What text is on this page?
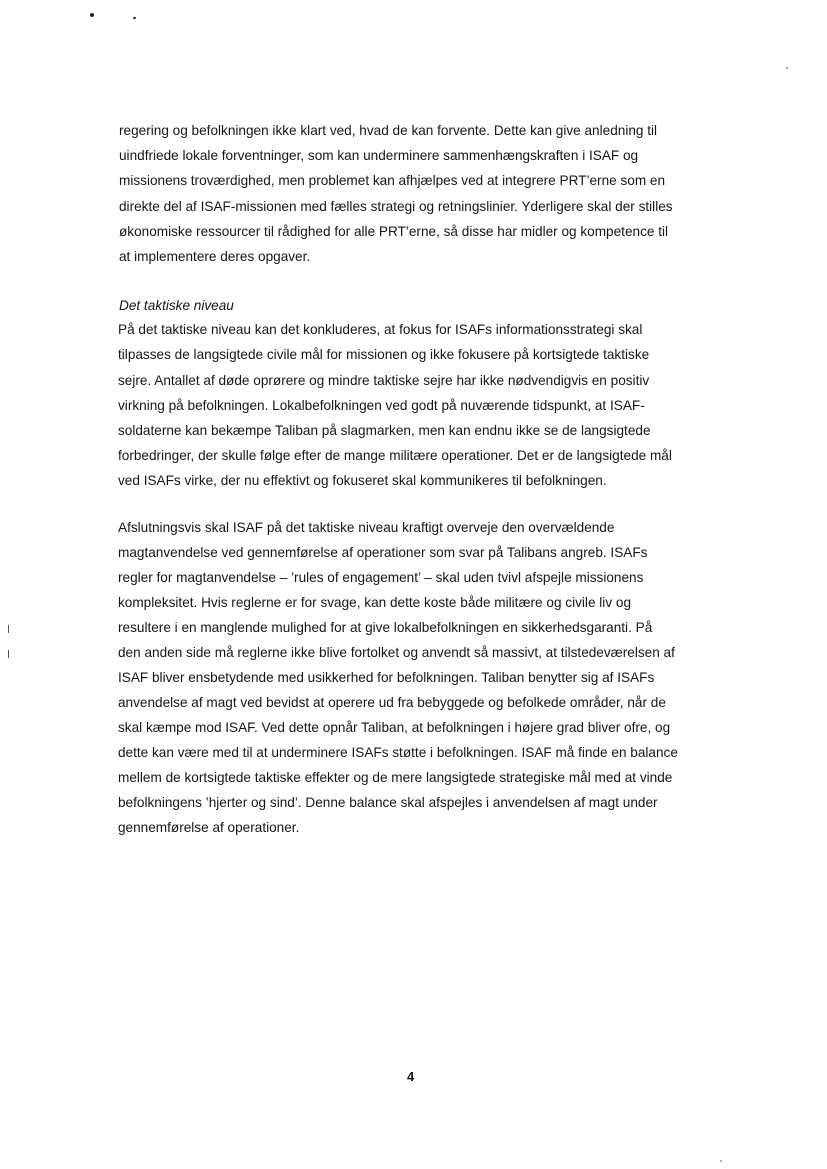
regering og befolkningen ikke klart ved, hvad de kan forvente. Dette kan give anledning til
uindfriede lokale forventninger, som kan underminere sammenhængskraften i ISAF og
missionens troværdighed, men problemet kan afhjælpes ved at integrere PRT’erne som en
direkte del af ISAF-missionen med fælles strategi og retningslinier. Yderligere skal der stilles
økonomiske ressourcer til rådighed for alle PRT’erne, så disse har midler og kompetence til
at implementere deres opgaver.
Det taktiske niveau
På det taktiske niveau kan det konkluderes, at fokus for ISAFs informationsstrategi skal
tilpasses de langsigtede civile mål for missionen og ikke fokusere på kortsigtede taktiske
sejre. Antallet af døde oprørere og mindre taktiske sejre har ikke nødvendigvis en positiv
virkning på befolkningen. Lokalbefolkningen ved godt på nuværende tidspunkt, at ISAF-
soldaterne kan bekæmpe Taliban på slagmarken, men kan endnu ikke se de langsigtede
forbedringer, der skulle følge efter de mange militære operationer. Det er de langsigtede mål
ved ISAFs virke, der nu effektivt og fokuseret skal kommunikeres til befolkningen.
Afslutningsvis skal ISAF på det taktiske niveau kraftigt overveje den overvældende
magtanvendelse ved gennemførelse af operationer som svar på Talibans angreb. ISAFs
regler for magtanvendelse – ’rules of engagement’ – skal uden tvivl afspejle missionens
kompleksitet. Hvis reglerne er for svage, kan dette koste både militære og civile liv og
resultere i en manglende mulighed for at give lokalbefolkningen en sikkerhedsgaranti. På
den anden side må reglerne ikke blive fortolket og anvendt så massivt, at tilstedeværelsen af
ISAF bliver ensbetydende med usikkerhed for befolkningen. Taliban benytter sig af ISAFs
anvendelse af magt ved bevidst at operere ud fra bebyggede og befolkede områder, når de
skal kæmpe mod ISAF. Ved dette opnår Taliban, at befolkningen i højere grad bliver ofre, og
dette kan være med til at underminere ISAFs støtte i befolkningen. ISAF må finde en balance
mellem de kortsigtede taktiske effekter og de mere langsigtede strategiske mål med at vinde
befolkningens ’hjerter og sind’. Denne balance skal afspejles i anvendelsen af magt under
gennemførelse af operationer.
4
